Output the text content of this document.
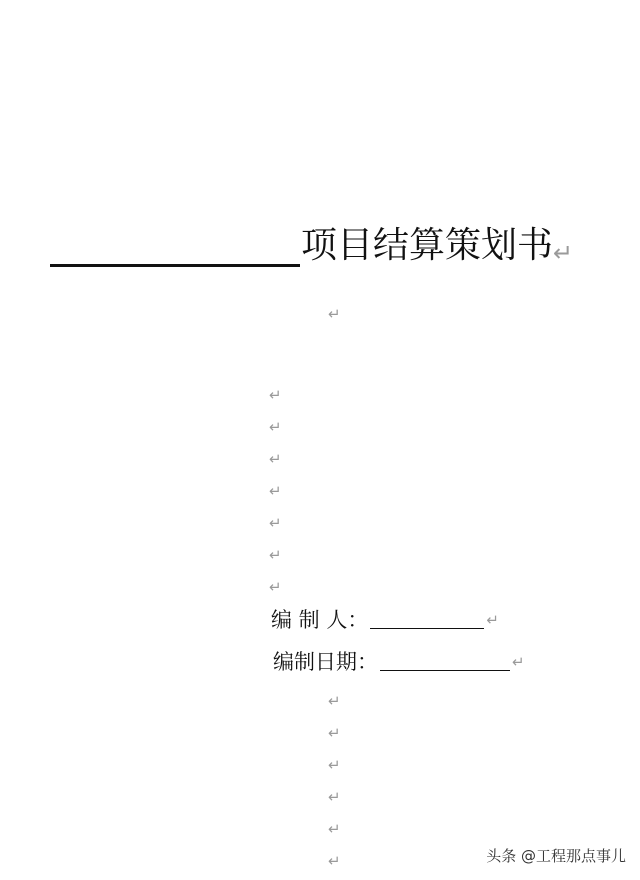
项目结算策划书↵
↵
↵
↵
↵
↵
↵
↵
↵
编 制 人：	↵
编制日期：	↵
↵
↵
↵
↵
↵
↵	头条 @工程那点事儿
